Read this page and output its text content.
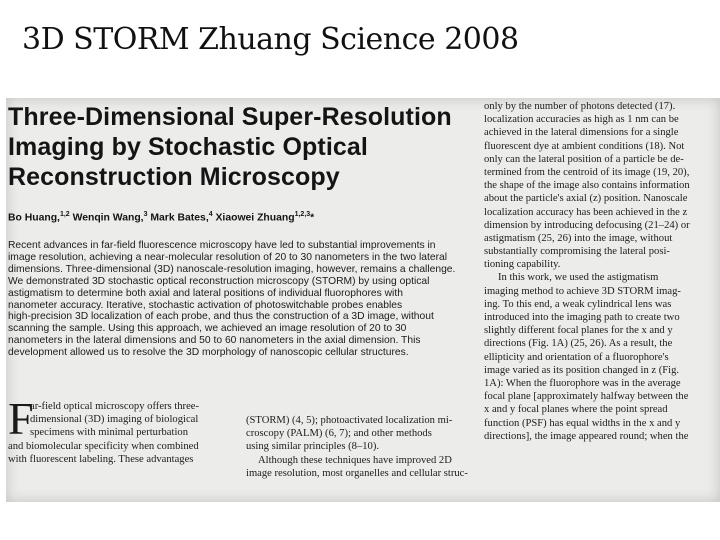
3D STORM Zhuang Science 2008
Three-Dimensional Super-Resolution
Imaging by Stochastic Optical
Reconstruction Microscopy
Bo Huang,$^{1,2}$ Wenqin Wang,$^3$ Mark Bates,$^4$ Xiaowei Zhuang$^{1,2,3}$*
Recent advances in far-field fluorescence microscopy have led to substantial improvements in
image resolution, achieving a near-molecular resolution of 20 to 30 nanometers in the two lateral
dimensions. Three-dimensional (3D) nanoscale-resolution imaging, however, remains a challenge.
We demonstrated 3D stochastic optical reconstruction microscopy (STORM) by using optical
astigmatism to determine both axial and lateral positions of individual fluorophores with
nanometer accuracy. Iterative, stochastic activation of photoswitchable probes enables
high-precision 3D localization of each probe, and thus the construction of a 3D image, without
scanning the sample. Using this approach, we achieved an image resolution of 20 to 30
nanometers in the lateral dimensions and 50 to 60 nanometers in the axial dimension. This
development allowed us to resolve the 3D morphology of nanoscopic cellular structures.
F
ar-field optical microscopy offers three-
dimensional (3D) imaging of biological
specimens with minimal perturbation
and biomolecular specificity when combined
with fluorescent labeling. These advantages
(STORM) (4, 5); photoactivated localization mi-
croscopy (PALM) (6, 7); and other methods
using similar principles (8–10).
Although these techniques have improved 2D
image resolution, most organelles and cellular struc-
only by the number of photons detected (17).
localization accuracies as high as 1 nm can be
achieved in the lateral dimensions for a single
fluorescent dye at ambient conditions (18). Not
only can the lateral position of a particle be de-
termined from the centroid of its image (19, 20),
the shape of the image also contains information
about the particle's axial (z) position. Nanoscale
localization accuracy has been achieved in the z
dimension by introducing defocusing (21–24) or
astigmatism (25, 26) into the image, without
substantially compromising the lateral posi-
tioning capability.
In this work, we used the astigmatism
imaging method to achieve 3D STORM imag-
ing. To this end, a weak cylindrical lens was
introduced into the imaging path to create two
slightly different focal planes for the x and y
directions (Fig. 1A) (25, 26). As a result, the
ellipticity and orientation of a fluorophore's
image varied as its position changed in z (Fig.
1A): When the fluorophore was in the average
focal plane [approximately halfway between the
x and y focal planes where the point spread
function (PSF) has equal widths in the x and y
directions], the image appeared round; when the
